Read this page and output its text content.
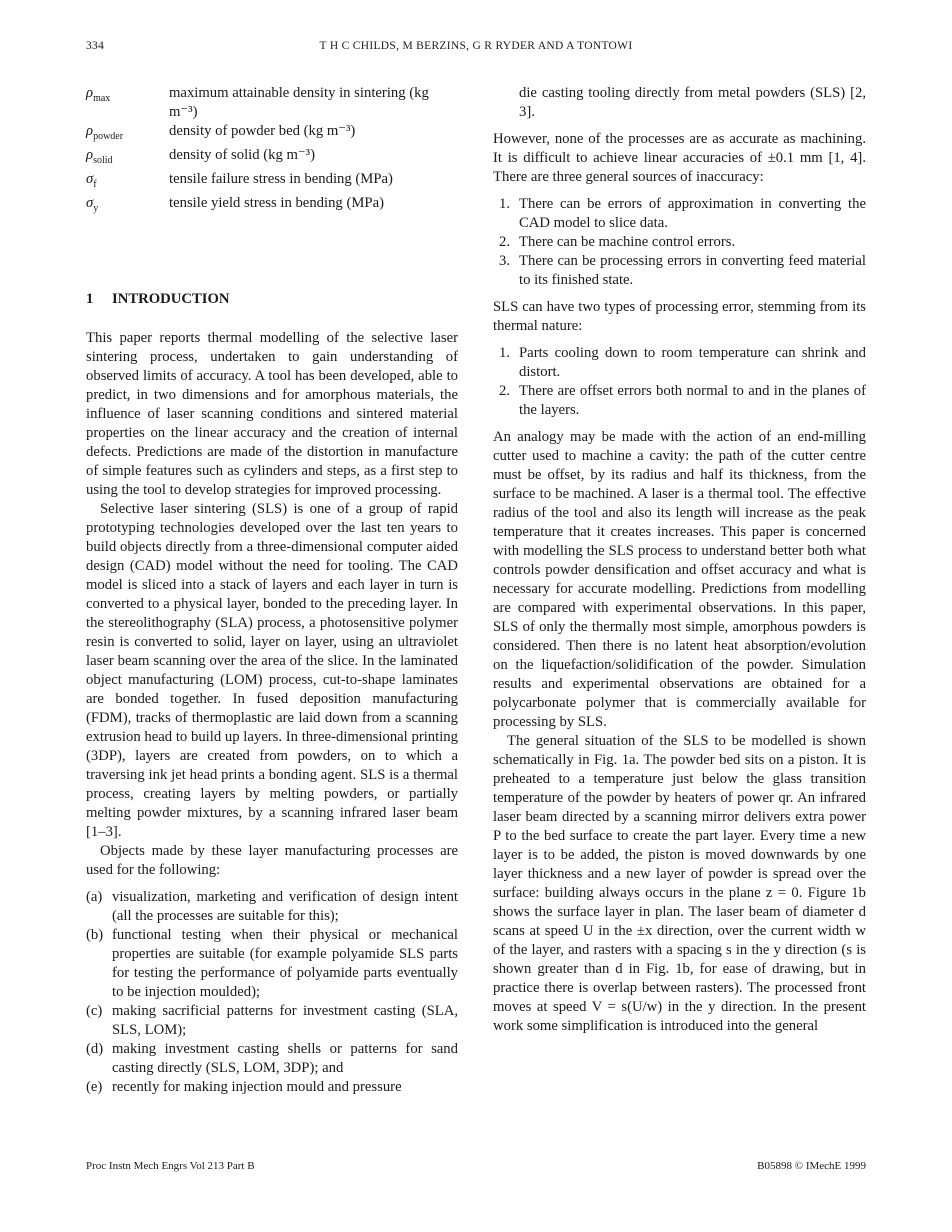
334	T H C CHILDS, M BERZINS, G R RYDER AND A TONTOWI
$\rho_{max}$	maximum attainable density in sintering (kg m⁻³)
$\rho_{powder}$	density of powder bed (kg m⁻³)
$\rho_{solid}$	density of solid (kg m⁻³)
$\sigma_f$	tensile failure stress in bending (MPa)
$\sigma_y$	tensile yield stress in bending (MPa)
1 INTRODUCTION

This paper reports thermal modelling of the selective laser sintering process, undertaken to gain understanding of observed limits of accuracy. A tool has been developed, able to predict, in two dimensions and for amorphous materials, the influence of laser scanning conditions and sintered material properties on the linear accuracy and the creation of internal defects. Predictions are made of the distortion in manufacture of simple features such as cylinders and steps, as a first step to using the tool to develop strategies for improved processing.

Selective laser sintering (SLS) is one of a group of rapid prototyping technologies developed over the last ten years to build objects directly from a three-dimensional computer aided design (CAD) model without the need for tooling. The CAD model is sliced into a stack of layers and each layer in turn is converted to a physical layer, bonded to the preceding layer. In the stereolithography (SLA) process, a photosensitive polymer resin is converted to solid, layer on layer, using an ultraviolet laser beam scanning over the area of the slice. In the laminated object manufacturing (LOM) process, cut-to-shape laminates are bonded together. In fused deposition manufacturing (FDM), tracks of thermoplastic are laid down from a scanning extrusion head to build up layers. In three-dimensional printing (3DP), layers are created from powders, on to which a traversing ink jet head prints a bonding agent. SLS is a thermal process, creating layers by melting powders, or partially melting powder mixtures, by a scanning infrared laser beam [1–3].

Objects made by these layer manufacturing processes are used for the following:

(a) visualization, marketing and verification of design intent (all the processes are suitable for this);
(b) functional testing when their physical or mechanical properties are suitable (for example polyamide SLS parts for testing the performance of polyamide parts eventually to be injection moulded);
(c) making sacrificial patterns for investment casting (SLA, SLS, LOM);
(d) making investment casting shells or patterns for sand casting directly (SLS, LOM, 3DP); and
(e) recently for making injection mould and pressure
die casting tooling directly from metal powders (SLS) [2, 3].

However, none of the processes are as accurate as machining. It is difficult to achieve linear accuracies of ±0.1 mm [1, 4]. There are three general sources of inaccuracy:

1. There can be errors of approximation in converting the CAD model to slice data.
2. There can be machine control errors.
3. There can be processing errors in converting feed material to its finished state.

SLS can have two types of processing error, stemming from its thermal nature:

1. Parts cooling down to room temperature can shrink and distort.
2. There are offset errors both normal to and in the planes of the layers.

An analogy may be made with the action of an end-milling cutter used to machine a cavity: the path of the cutter centre must be offset, by its radius and half its thickness, from the surface to be machined. A laser is a thermal tool. The effective radius of the tool and also its length will increase as the peak temperature that it creates increases. This paper is concerned with modelling the SLS process to understand better both what controls powder densification and offset accuracy and what is necessary for accurate modelling. Predictions from modelling are compared with experimental observations. In this paper, SLS of only the thermally most simple, amorphous powders is considered. Then there is no latent heat absorption/evolution on the liquefaction/solidification of the powder. Simulation results and experimental observations are obtained for a polycarbonate polymer that is commercially available for processing by SLS.

The general situation of the SLS to be modelled is shown schematically in Fig. 1a. The powder bed sits on a piston. It is preheated to a temperature just below the glass transition temperature of the powder by heaters of power qr. An infrared laser beam directed by a scanning mirror delivers extra power P to the bed surface to create the part layer. Every time a new layer is to be added, the piston is moved downwards by one layer thickness and a new layer of powder is spread over the surface: building always occurs in the plane z = 0. Figure 1b shows the surface layer in plan. The laser beam of diameter d scans at speed U in the ±x direction, over the current width w of the layer, and rasters with a spacing s in the y direction (s is shown greater than d in Fig. 1b, for ease of drawing, but in practice there is overlap between rasters). The processed front moves at speed V = s(U/w) in the y direction. In the present work some simplification is introduced into the general

Proc Instn Mech Engrs Vol 213 Part B	B05898 © IMechE 1999
